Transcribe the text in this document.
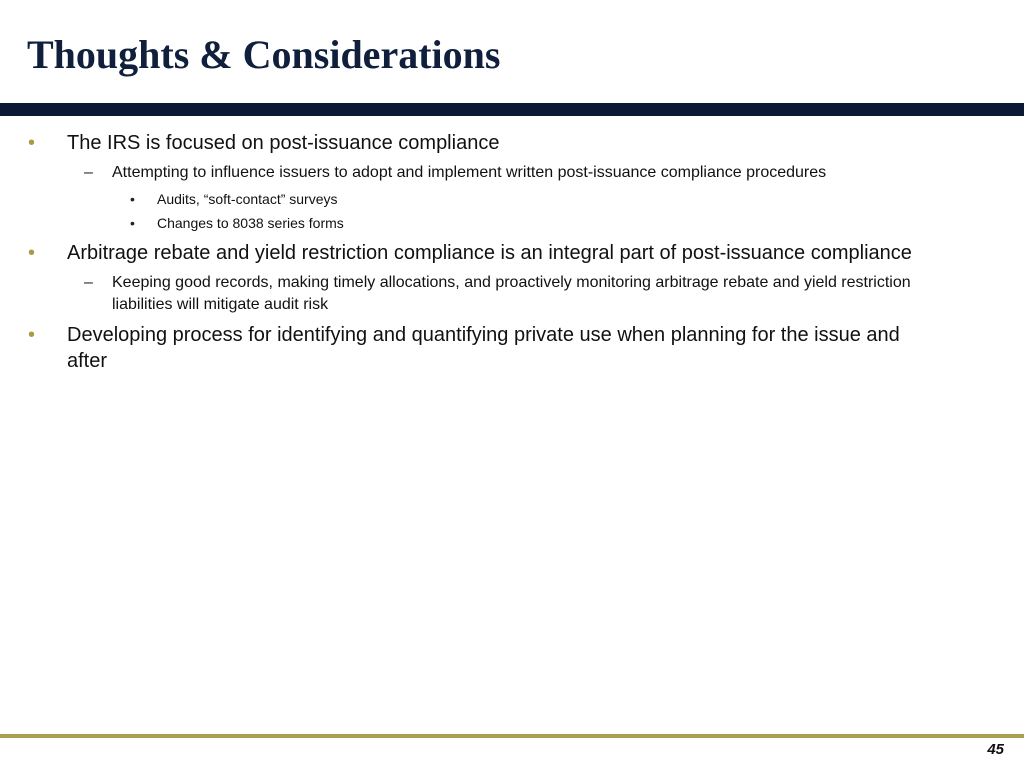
Thoughts & Considerations
• The IRS is focused on post-issuance compliance
– Attempting to influence issuers to adopt and implement written post-issuance compliance procedures
• Audits, “soft-contact” surveys
• Changes to 8038 series forms
• Arbitrage rebate and yield restriction compliance is an integral part of post-issuance compliance
– Keeping good records, making timely allocations, and proactively monitoring arbitrage rebate and yield restriction liabilities will mitigate audit risk
• Developing process for identifying and quantifying private use when planning for the issue and after
45
